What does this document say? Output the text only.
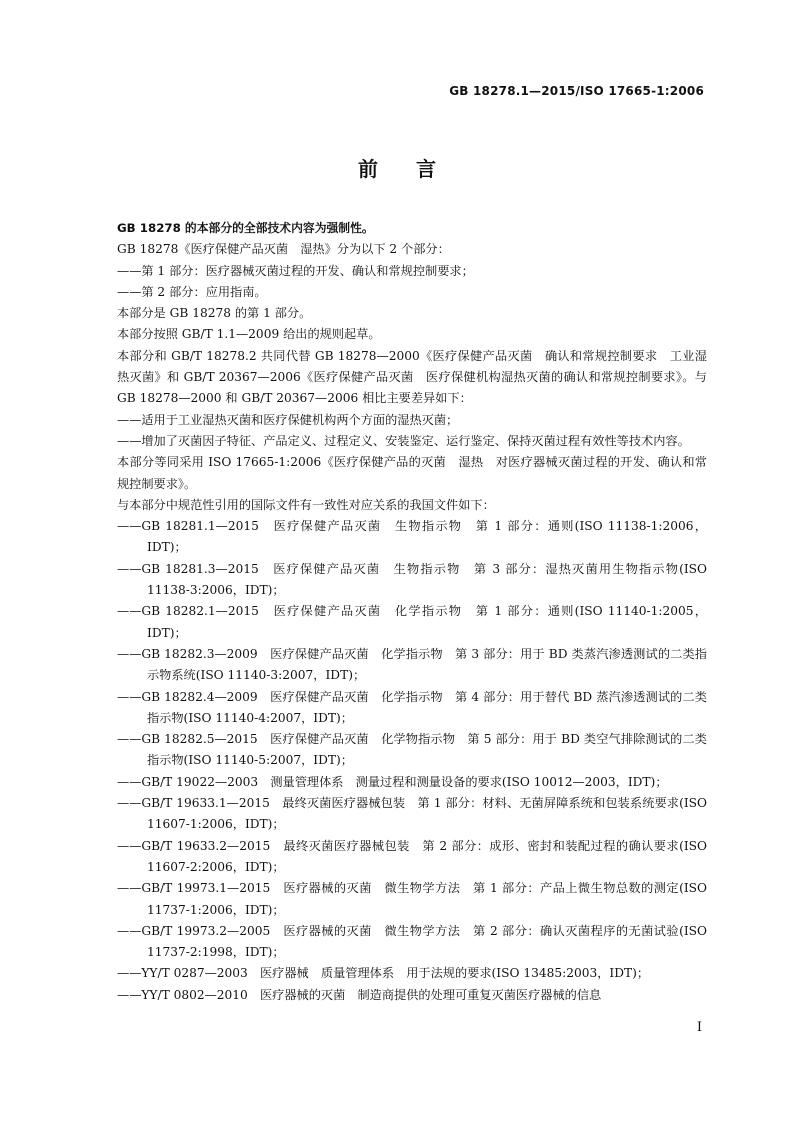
GB 18278.1—2015/ISO 17665-1:2006
前言
GB 18278 的本部分的全部技术内容为强制性。
GB 18278《医疗保健产品灭菌　湿热》分为以下 2 个部分：
——第 1 部分：医疗器械灭菌过程的开发、确认和常规控制要求；
——第 2 部分：应用指南。
本部分是 GB 18278 的第 1 部分。
本部分按照 GB/T 1.1—2009 给出的规则起草。
本部分和 GB/T 18278.2 共同代替 GB 18278—2000《医疗保健产品灭菌　确认和常规控制要求　工业湿热灭菌》和 GB/T 20367—2006《医疗保健产品灭菌　医疗保健机构湿热灭菌的确认和常规控制要求》。与 GB 18278—2000 和 GB/T 20367—2006 相比主要差异如下：
——适用于工业湿热灭菌和医疗保健机构两个方面的湿热灭菌；
——增加了灭菌因子特征、产品定义、过程定义、安装鉴定、运行鉴定、保持灭菌过程有效性等技术内容。
本部分等同采用 ISO 17665-1:2006《医疗保健产品的灭菌　湿热　对医疗器械灭菌过程的开发、确认和常规控制要求》。
与本部分中规范性引用的国际文件有一致性对应关系的我国文件如下：
——GB 18281.1—2015　医疗保健产品灭菌　生物指示物　第 1 部分：通则(ISO 11138-1:2006，IDT)；
——GB 18281.3—2015　医疗保健产品灭菌　生物指示物　第 3 部分：湿热灭菌用生物指示物(ISO 11138-3:2006，IDT)；
——GB 18282.1—2015　医疗保健产品灭菌　化学指示物　第 1 部分：通则(ISO 11140-1:2005，IDT)；
——GB 18282.3—2009　医疗保健产品灭菌　化学指示物　第 3 部分：用于 BD 类蒸汽渗透测试的二类指示物系统(ISO 11140-3:2007，IDT)；
——GB 18282.4—2009　医疗保健产品灭菌　化学指示物　第 4 部分：用于替代 BD 蒸汽渗透测试的二类指示物(ISO 11140-4:2007，IDT)；
——GB 18282.5—2015　医疗保健产品灭菌　化学物指示物　第 5 部分：用于 BD 类空气排除测试的二类指示物(ISO 11140-5:2007，IDT)；
——GB/T 19022—2003　测量管理体系　测量过程和测量设备的要求(ISO 10012—2003，IDT)；
——GB/T 19633.1—2015　最终灭菌医疗器械包装　第 1 部分：材料、无菌屏障系统和包装系统要求(ISO 11607-1:2006，IDT)；
——GB/T 19633.2—2015　最终灭菌医疗器械包装　第 2 部分：成形、密封和装配过程的确认要求(ISO 11607-2:2006，IDT)；
——GB/T 19973.1—2015　医疗器械的灭菌　微生物学方法　第 1 部分：产品上微生物总数的测定(ISO 11737-1:2006，IDT)；
——GB/T 19973.2—2005　医疗器械的灭菌　微生物学方法　第 2 部分：确认灭菌程序的无菌试验(ISO 11737-2:1998，IDT)；
——YY/T 0287—2003　医疗器械　质量管理体系　用于法规的要求(ISO 13485:2003，IDT)；
——YY/T 0802—2010　医疗器械的灭菌　制造商提供的处理可重复灭菌医疗器械的信息
I
